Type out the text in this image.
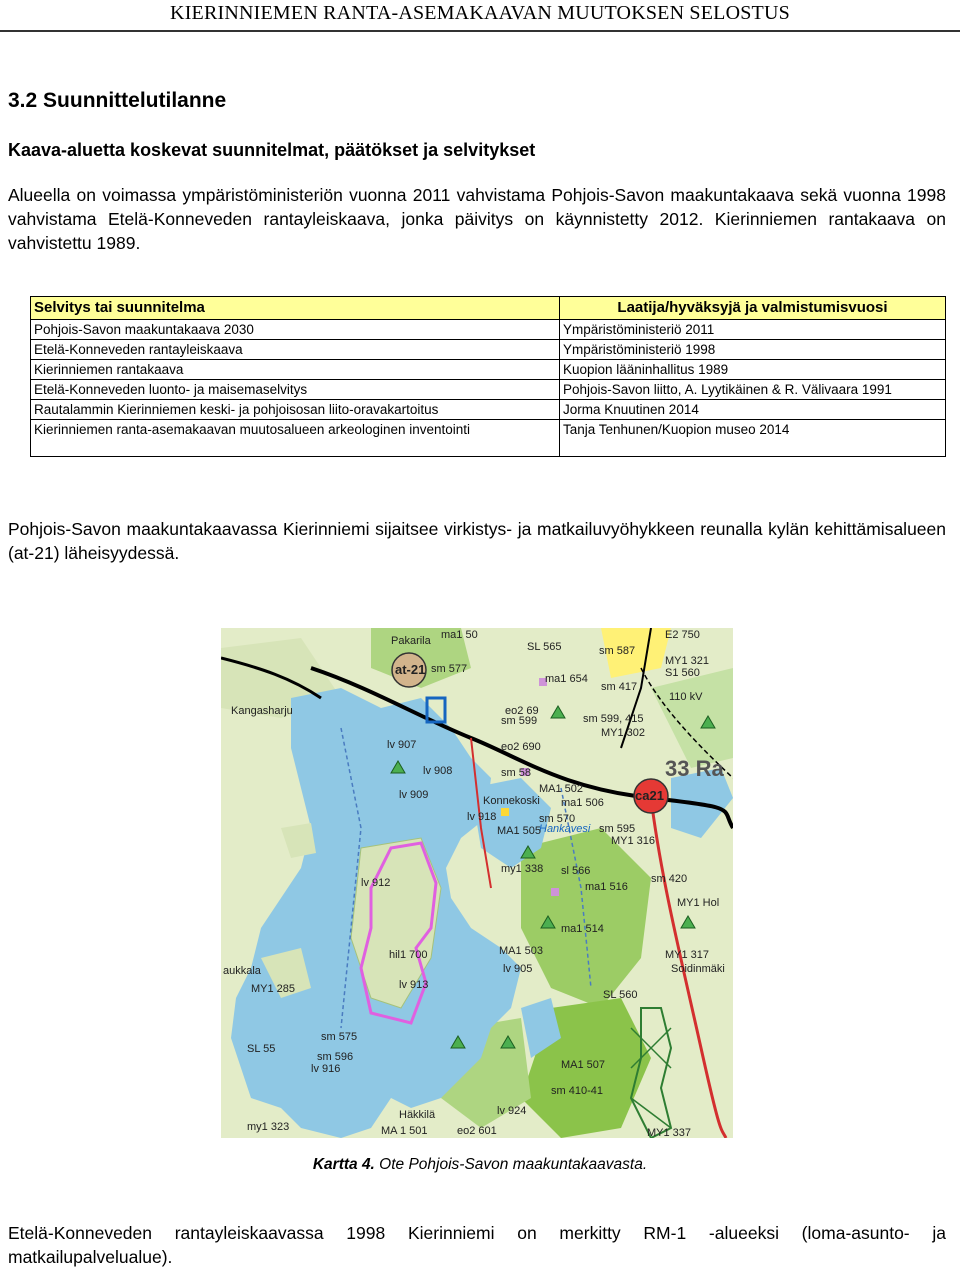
KIERINNIEMEN RANTA-ASEMAKAAVAN MUUTOKSEN SELOSTUS
3.2 Suunnittelutilanne
Kaava-aluetta koskevat suunnitelmat, päätökset ja selvitykset
Alueella on voimassa ympäristöministeriön vuonna 2011 vahvistama Pohjois-Savon maakuntakaava sekä vuonna 1998 vahvistama Etelä-Konneveden rantayleiskaava, jonka päivitys on käynnistetty 2012. Kierinniemen rantakaava on vahvistettu 1989.
Selvitys tai suunnitelma	Laatija/hyväksyjä ja valmistumisvuosi
Pohjois-Savon maakuntakaava 2030	Ympäristöministeriö 2011
Etelä-Konneveden rantayleiskaava	Ympäristöministeriö 1998
Kierinniemen rantakaava	Kuopion lääninhallitus 1989
Etelä-Konneveden luonto- ja maisemaselvitys	Pohjois-Savon liitto, A. Lyytikäinen & R. Välivaara 1991
Rautalammin Kierinniemen keski- ja pohjoisosan liito-oravakartoitus	Jorma Knuutinen 2014
Kierinniemen ranta-asemakaavan muutosalueen arkeologinen inventointi	Tanja Tenhunen/Kuopion museo 2014
Pohjois-Savon maakuntakaavassa Kierinniemi sijaitsee virkistys- ja matkailuvyöhykkeen reunalla kylän kehittämisalueen (at-21) läheisyydessä.
Pakarila
Kangasharju
Konnekoski
Hankavesi
aukkala
Häkkilä
Soidinmäki
at-21
ca21
33 Ra
ma1 50
SL 565	sm 587
E2 750
MY1 321
S1 560
sm 577
ma1 654
sm 417
110 kV
eo2 69
sm 599	sm 599, 415
MY1 302
eo2 690
lv 907
lv 908
lv 909
sm 58
MA1 502
ma1 506
sm 570
sm 595
MY1 316
MA1 505
lv 918
lv 912
my1 338 sl 566
ma1 516
sm 420
hil1 700	MA1 503
lv 905
lv 913
SL 560
MY1 285
sm 575
sm 596
SL 55
lv 916
lv 924
MA 1 501	eo2 601
my1 323	MY1 337
MA1 507
sm 410-41
ma1 514
MY1 317
MY1 Hol
Kartta 4. Ote Pohjois-Savon maakuntakaavasta.
Etelä-Konneveden rantayleiskaavassa 1998 Kierinniemi on merkitty RM-1 -alueeksi (loma-asunto- ja matkailupalvelualue).
